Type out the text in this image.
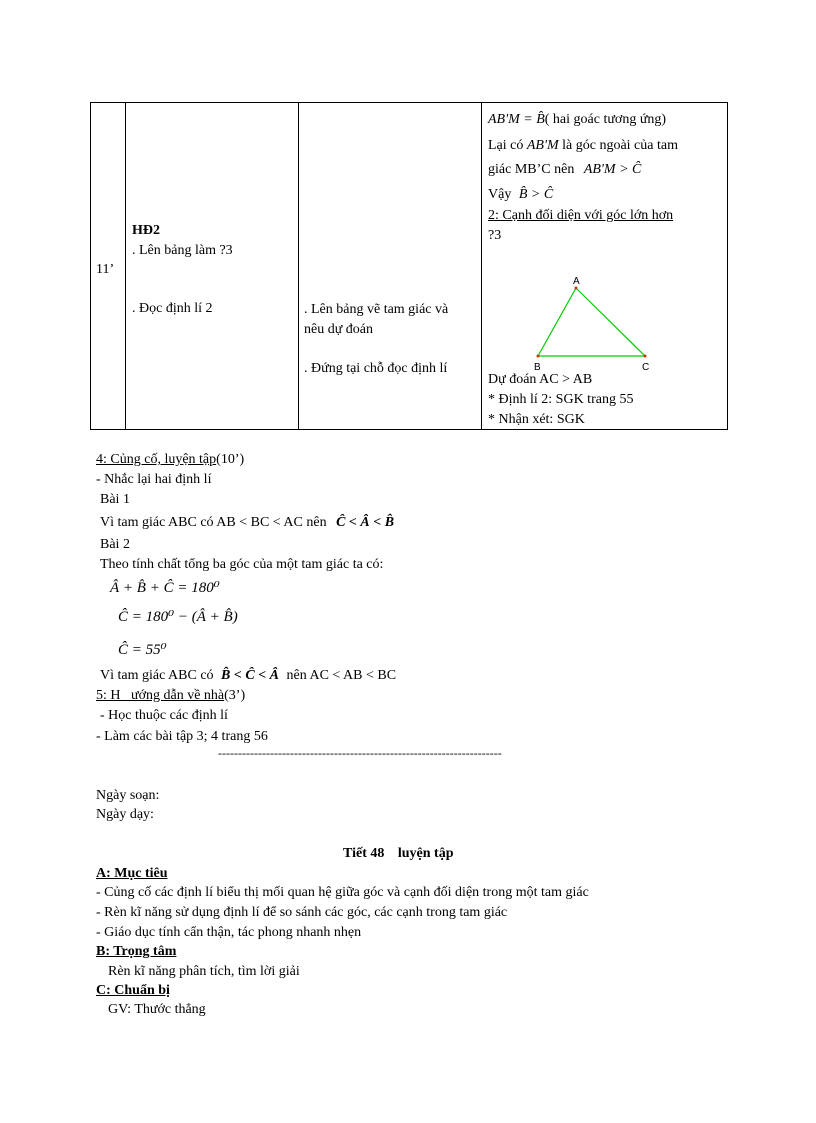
11’
HĐ2
. Lên bảng làm ?3
. Đọc định lí 2	. Lên bảng vẽ tam giác và
nêu dự đoán
. Đứng tại chỗ đọc định lí
AB'M = B̂( hai goác tương ứng)
Lại có AB'M là góc ngoài của tam
giác MB’C nên AB'M > Ĉ
Vậy B̂ > Ĉ
2: Cạnh đối diện với góc lớn hơn
?3
A
B	C
Dự đoán AC > AB
* Định lí 2: SGK trang 55
* Nhận xét: SGK
4: Củng cố, luyện tập(10’)
- Nhắc lại hai định lí
Bài 1
Vì tam giác ABC có AB < BC < AC nên Ĉ < Â < B̂
Bài 2
Theo tính chất tổng ba góc của một tam giác ta có:
Â + B̂ + Ĉ = 180⁰
Ĉ = 180⁰ − (Â + B̂)
Ĉ = 55⁰
Vì tam giác ABC có B̂ < Ĉ < Â nên AC < AB < BC
5: H   ướng dẫn về nhà(3’)
- Học thuộc các định lí
- Làm các bài tập 3; 4 trang 56
-----------------------------------------------------------------------
Ngày soạn:
Ngày dạy:
Tiết 48 luyện tập
A: Mục tiêu
- Củng cố các định lí biểu thị mối quan hệ giữa góc và cạnh đối diện trong một tam giác
- Rèn kĩ năng sử dụng định lí để so sánh các góc, các cạnh trong tam giác
- Giáo dục tính cẩn thận, tác phong nhanh nhẹn
B: Trọng tâm
Rèn kĩ năng phân tích, tìm lời giải
C: Chuẩn bị
GV: Thước thẳng
